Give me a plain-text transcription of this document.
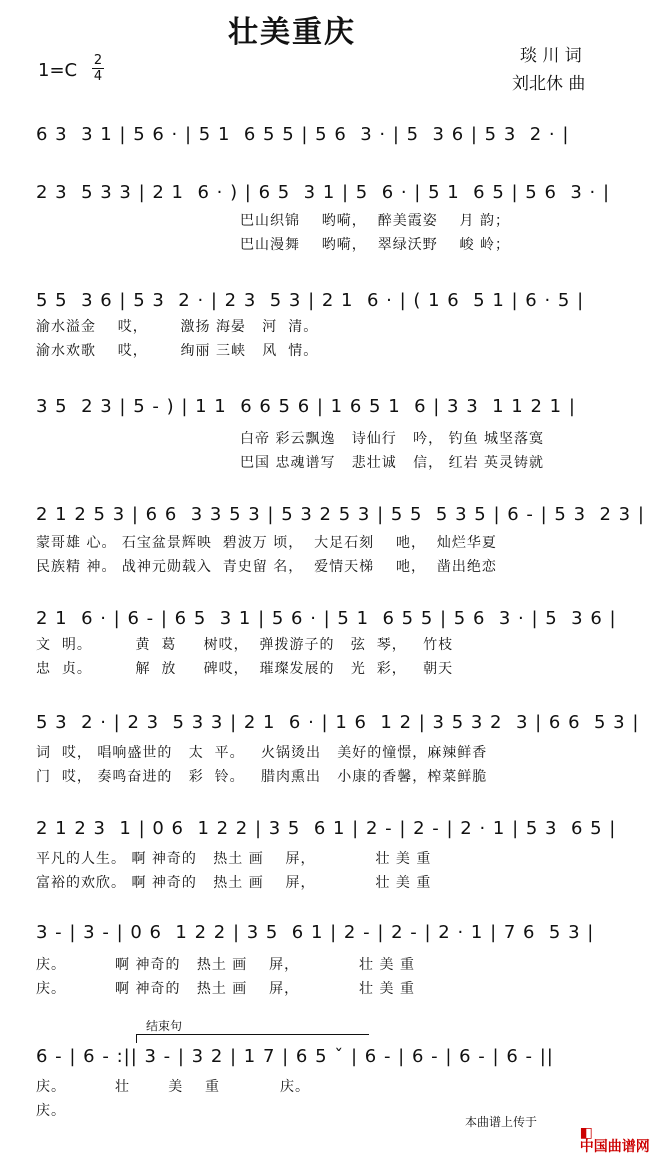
壮美重庆
1=C 2
4
琰 川 词
刘北休 曲
6 3  3 1 | 5 6 · | 5 1  6 5 5 | 5 6  3 · | 5  3 6 | 5 3  2 · |
2 3  5 3 3 | 2 1  6 · ) | 6 5  3 1 | 5  6 · | 5 1  6 5 | 5 6  3 · |
巴山织锦    哟嗬，  醉美霞姿    月 韵；
巴山漫舞    哟嗬，  翠绿沃野    峻 岭；
5 5  3 6 | 5 3  2 · | 2 3  5 3 | 2 1  6 · | ( 1 6  5 1 | 6 · 5 |
渝水溢金    哎，      激扬 海晏   河  清。
渝水欢歌    哎，      绚丽 三峡   风  情。
3 5  2 3 | 5 - ) | 1 1  6 6 5 6 | 1 6 5 1  6 | 3 3  1 1 2 1 |
白帝 彩云飘逸   诗仙行   吟， 钓鱼 城坚落寞
巴国 忠魂谱写   悲壮诚   信， 红岩 英灵铸就
2 1 2 5 3 | 6 6  3 3 5 3 | 5 3 2 5 3 | 5 5  5 3 5 | 6 - | 5 3  2 3 |
蒙哥雄 心。 石宝盆景辉映  碧波万 顷，  大足石刻    吔，  灿烂华夏
民族精 神。 战神元勋载入  青史留 名，  爱情天梯    吔，  凿出绝恋
2 1  6 · | 6 - | 6 5  3 1 | 5 6 · | 5 1  6 5 5 | 5 6  3 · | 5  3 6 |
文  明。        黄  葛     树哎，  弹拨游子的   弦  琴，   竹枝
忠  贞。        解  放     碑哎，  璀璨发展的   光  彩，   朝天
5 3  2 · | 2 3  5 3 3 | 2 1  6 · | 1 6  1 2 | 3 5 3 2  3 | 6 6  5 3 |
词  哎， 唱响盛世的   太  平。   火锅烫出   美好的憧憬，麻辣鲜香
门  哎， 奏鸣奋进的   彩  铃。   腊肉熏出   小康的香馨，榨菜鲜脆
2 1 2 3  1 | 0 6  1 2 2 | 3 5  6 1 | 2 - | 2 - | 2 · 1 | 5 3  6 5 |
平凡的人生。 啊 神奇的   热土 画    屏，           壮 美 重
富裕的欢欣。 啊 神奇的   热土 画    屏，           壮 美 重
3 - | 3 - | 0 6  1 2 2 | 3 5  6 1 | 2 - | 2 - | 2 · 1 | 7 6  5 3 |
庆。         啊 神奇的   热土 画    屏，           壮 美 重
庆。         啊 神奇的   热土 画    屏，           壮 美 重
结束句
6 - | 6 - :|| 3 - | 3 2 | 1 7 | 6 5 ˇ | 6 - | 6 - | 6 - | 6 - ||
庆。         壮       美    重           庆。
庆。
本曲谱上传于

◧
中国曲谱网
